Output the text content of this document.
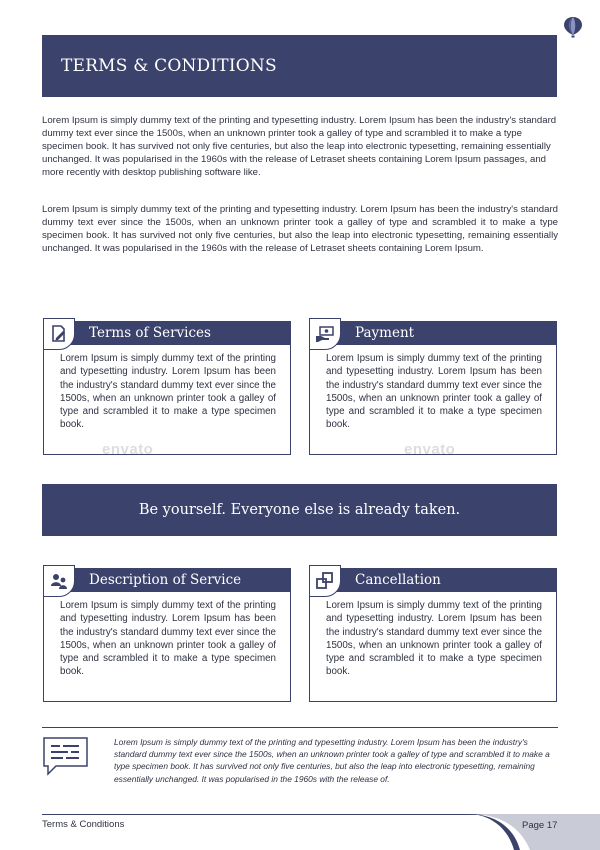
TERMS & CONDITIONS

Lorem Ipsum is simply dummy text of the printing and typesetting industry. Lorem Ipsum has been the industry's standard dummy text ever since the 1500s, when an unknown printer took a galley of type and scrambled it to make a type specimen book. It has survived not only five centuries, but also the leap into electronic typesetting, remaining essentially unchanged. It was popularised in the 1960s with the release of Letraset sheets containing Lorem Ipsum passages, and more recently with desktop publishing software like.

Lorem Ipsum is simply dummy text of the printing and typesetting industry. Lorem Ipsum has been the industry's standard dummy text ever since the 1500s, when an unknown printer took a galley of type and scrambled it to make a type specimen book. It has survived not only five centuries, but also the leap into electronic typesetting, remaining essentially unchanged. It was popularised in the 1960s with the release of Letraset sheets containing Lorem Ipsum.

Terms of Services

Lorem Ipsum is simply dummy text of the printing and typesetting industry. Lorem Ipsum has been the industry's standard dummy text ever since the 1500s, when an unknown printer took a galley of type and scrambled it to make a type specimen book.

envato
Payment

Lorem Ipsum is simply dummy text of the printing and typesetting industry. Lorem Ipsum has been the industry's standard dummy text ever since the 1500s, when an unknown printer took a galley of type and scrambled it to make a type specimen book.

envato
Be yourself. Everyone else is already taken.
Description of Service

Lorem Ipsum is simply dummy text of the printing and typesetting industry. Lorem Ipsum has been the industry's standard dummy text ever since the 1500s, when an unknown printer took a galley of type and scrambled it to make a type specimen book.

Cancellation

Lorem Ipsum is simply dummy text of the printing and typesetting industry. Lorem Ipsum has been the industry's standard dummy text ever since the 1500s, when an unknown printer took a galley of type and scrambled it to make a type specimen book.

Lorem Ipsum is simply dummy text of the printing and typesetting industry. Lorem Ipsum has been the industry's standard dummy text ever since the 1500s, when an unknown printer took a galley of type and scrambled it to make a type specimen book. It has survived not only five centuries, but also the leap into electronic typesetting, remaining essentially unchanged. It was popularised in the 1960s with the release of.

Terms & Conditions	Page 17
